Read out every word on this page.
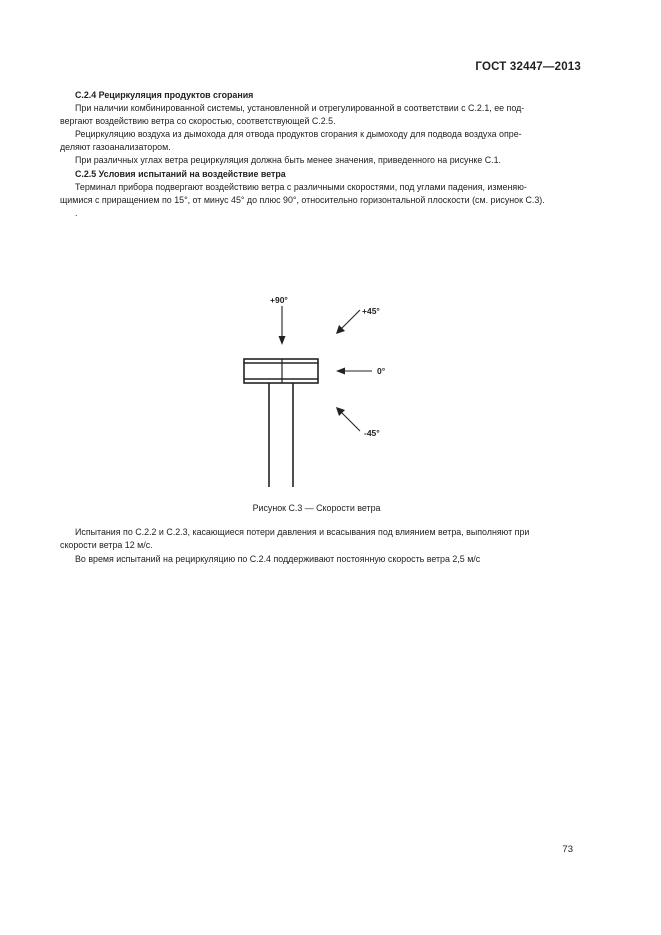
ГОСТ 32447—2013

С.2.4 Рециркуляция продуктов сгорания

При наличии комбинированной системы, установленной и отрегулированной в соответствии с С.2.1, ее под-

вергают воздействию ветра со скоростью, соответствующей С.2.5.

Рециркуляцию воздуха из дымохода для отвода продуктов сгорания к дымоходу для подвода воздуха опре-

деляют газоанализатором.

При различных углах ветра рециркуляция должна быть менее значения, приведенного на рисунке С.1.

С.2.5 Условия испытаний на воздействие ветра

Терминал прибора подвергают воздействию ветра с различными скоростями, под углами падения, изменяю-

щимися с приращением по 15°, от минус 45° до плюс 90°, относительно горизонтальной плоскости (см. рисунок С.3).

.

+90°
+45°
0°
-45°
Рисунок С.3 — Скорости ветра

Испытания по С.2.2 и С.2.3, касающиеся потери давления и всасывания под влиянием ветра, выполняют при

скорости ветра 12 м/с.

Во время испытаний на рециркуляцию по С.2.4 поддерживают постоянную скорость ветра 2,5 м/с

73
